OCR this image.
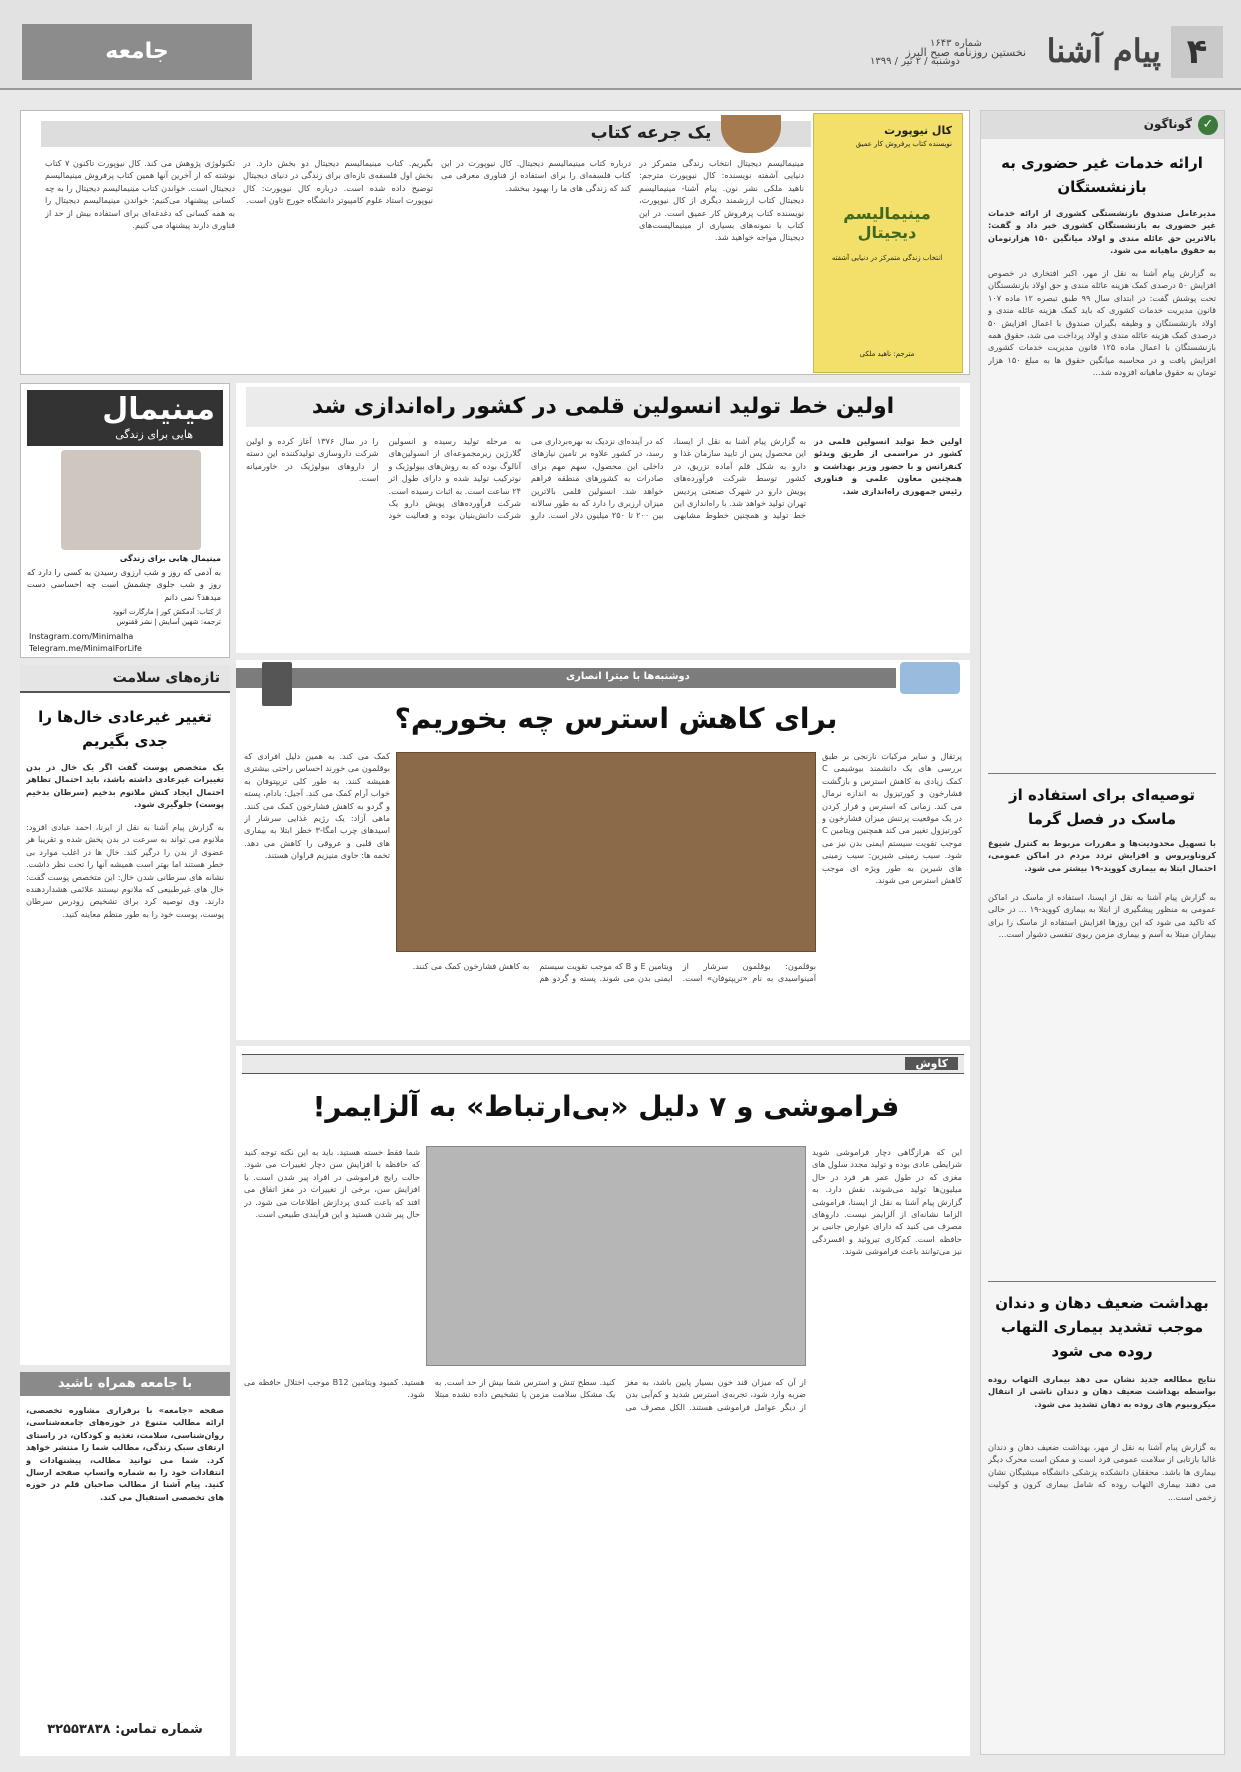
۴
پیام آشنا
نخستین روزنامه صبح البرز
شماره ۱۶۴۳
دوشنبه / ۲ تیر / ۱۳۹۹
جامعه
✓
گوناگون
ارائه خدمات غیر حضوری به بازنشستگان
مدیرعامل صندوق بازنشستگی کشوری از ارائه خدمات غیر حضوری به بازنشستگان کشوری خبر داد و گفت: بالاترین حق عائله مندی و اولاد میانگین ۱۵۰ هزارتومان به حقوق ماهیانه می شود.
به گزارش پیام آشنا به نقل از مهر، اکبر افتخاری در خصوص افزایش ۵۰ درصدی کمک هزینه عائله مندی و حق اولاد بازنشستگان تحت پوشش گفت: در ابتدای سال ۹۹ طبق تبصره ۱۲ ماده ۱۰۷ قانون مدیریت خدمات کشوری که باید کمک هزینه عائله مندی و اولاد بازنشستگان و وظیفه بگیران صندوق با اعمال افزایش ۵۰ درصدی کمک هزینه عائله مندی و اولاد پرداخت می شد، حقوق همه بازنشستگان با اعمال ماده ۱۲۵ قانون مدیریت خدمات کشوری افزایش یافت و در محاسبه میانگین حقوق ها به مبلغ ۱۵۰ هزار تومان به حقوق ماهیانه افزوده شد...
توصیه‌ای برای استفاده از ماسک در فصل گرما
با تسهیل محدودیت‌ها و مقررات مربوط به کنترل شیوع کروناویروس و افزایش تردد مردم در اماکن عمومی، احتمال ابتلا به بیماری کووید-۱۹ بیشتر می شود.
به گزارش پیام آشنا به نقل از ایسنا، استفاده از ماسک در اماکن عمومی به منظور پیشگیری از ابتلا به بیماری کووید-۱۹ ... در حالی که تاکید می شود که این روزها افزایش استفاده از ماسک را برای بیماران مبتلا به آسم و بیماری مزمن ریوی تنفسی دشوار است...
بهداشت ضعیف دهان و دندان موجب تشدید بیماری التهاب روده می شود
نتایج مطالعه جدید نشان می دهد بیماری التهاب روده بواسطه بهداشت ضعیف دهان و دندان ناشی از انتقال میکروبیوم های روده به دهان تشدید می شود.
به گزارش پیام آشنا به نقل از مهر، بهداشت ضعیف دهان و دندان غالبا بازتابی از سلامت عمومی فرد است و ممکن است محرک دیگر بیماری ها باشد. محققان دانشکده پزشکی دانشگاه میشیگان نشان می دهند بیماری التهاب روده که شامل بیماری کرون و کولیت زخمی است...
یک جرعه کتاب	کال نیوپورت
نویسنده کتاب پرفروش کار عمیق
مینیمالیسم دیجیتال
انتخاب زندگی متمرکز در دنیایی آشفته
مترجم: ناهید ملکی
مینیمالیسم دیجیتال انتخاب زندگی متمرکز در دنیایی آشفته نویسنده: کال نیوپورت مترجم: ناهید ملکی نشر نون. پیام آشنا- مینیمالیسم دیجیتال کتاب ارزشمند دیگری از کال نیوپورت، نویسنده کتاب پرفروش کار عمیق است. در این کتاب با نمونه‌های بسیاری از مینیمالیست‌های دیجیتال مواجه خواهید شد.
درباره کتاب مینیمالیسم دیجیتال. کال نیوپورت در این کتاب فلسفه‌ای را برای استفاده از فناوری معرفی می کند که زندگی های ما را بهبود ببخشد.
بگیریم. کتاب مینیمالیسم دیجیتال دو بخش دارد. در بخش اول فلسفه‌ی تازه‌ای برای زندگی در دنیای دیجیتال توضیح داده شده است. درباره کال نیوپورت: کال نیوپورت استاد علوم کامپیوتر دانشگاه جورج تاون است.
تکنولوژی پژوهش می کند. کال نیوپورت تاکنون ۷ کتاب نوشته که از آخرین آنها همین کتاب پرفروش مینیمالیسم دیجیتال است. خواندن کتاب مینیمالیسم دیجیتال را به چه کسانی پیشنهاد می‌کنیم: خواندن مینیمالیسم دیجیتال را به همه کسانی که دغدغه‌ای برای استفاده بیش از حد از فناوری دارند پیشنهاد می کنیم.
اولین خط تولید انسولین قلمی در کشور راه‌اندازی شد
اولین خط تولید انسولین قلمی در کشور در مراسمی از طریق ویدئو کنفرانس و با حضور وزیر بهداشت و همچنین معاون علمی و فناوری رئیس جمهوری راه‌اندازی شد.
به گزارش پیام آشنا به نقل از ایسنا، این محصول پس از تایید سازمان غذا و دارو به شکل قلم آماده تزریق، در کشور توسط شرکت فرآورده‌های پویش دارو در شهرک صنعتی پردیس تهران تولید خواهد شد. با راه‌اندازی این خط تولید و همچنین خطوط مشابهی که در آینده‌ای نزدیک به بهره‌برداری می رسد، در کشور علاوه بر تامین نیازهای داخلی این محصول، سهم مهم برای صادرات به کشورهای منطقه فراهم خواهد شد. انسولین قلمی بالاترین میزان ارزبری را دارد که به طور سالانه بین ۲۰۰ تا ۲۵۰ میلیون دلار است. دارو به مرحله تولید رسیده و انسولین گلارژین زیرمجموعه‌ای از انسولین‌های آنالوگ بوده که به روش‌های بیولوژیک و نوترکیب تولید شده و دارای طول اثر ۲۴ ساعت است. به اثبات رسیده است. شرکت فرآورده‌های پویش دارو یک شرکت دانش‌بنیان بوده و فعالیت خود را در سال ۱۳۷۶ آغاز کرده و اولین شرکت داروسازی تولیدکننده این دسته از داروهای بیولوژیک در خاورمیانه است.
مینیمال
هایی برای زندگی
مینیمال هایی برای زندگی
به آدمی که روز و شب ارزوی رسیدن به کسی را دارد که روز و شب جلوی چشمش است چه احساسی دست میدهد؟ نمی دانم
از کتاب: آدمکش کور | مارگارت اتوود
ترجمه: شهین آسایش | نشر ققنوس
Instagram.com/Minimalha
Telegram.me/MinimalForLife
دوشنبه‌ها با میترا انصاری
برای کاهش استرس چه بخوریم؟
پرتقال و سایر مرکبات نارنجی بر طبق بررسی های یک دانشمند بیوشیمی C کمک زیادی به کاهش استرس و بازگشت فشارخون و کورتیزول به اندازه نرمال می کند. زمانی که استرس و فرار کردن در یک موقعیت پرتنش میزان فشارخون و کورتیزول تغییر می کند همچنین ویتامین C موجب تقویت سیستم ایمنی بدن نیز می شود. سیب زمینی شیرین: سیب زمینی های شیرین به طور ویژه ای موجب کاهش استرس می شوند.
بوقلمون: بوقلمون سرشار از آمینواسیدی به نام «تریپتوفان» است. ویتامین E و B که موجب تقویت سیستم ایمنی بدن می شوند. پسته و گردو هم به کاهش فشارخون کمک می کنند.
کمک می کند. به همین دلیل افرادی که بوقلمون می خورند احساس راحتی بیشتری همیشه کنند. به طور کلی تریپتوفان به خواب آرام کمک می کند. آجیل: بادام، پسته و گردو به کاهش فشارخون کمک می کنند. ماهی آزاد: یک رژیم غذایی سرشار از اسیدهای چرب امگا-۳ خطر ابتلا به بیماری های قلبی و عروقی را کاهش می دهد. تخمه ها: حاوی منیزیم فراوان هستند.
تازه‌های سلامت
تغییر غیرعادی خال‌ها را جدی بگیریم
یک متخصص پوست گفت اگر یک خال در بدن تغییرات غیرعادی داشته باشد، باید احتمال تظاهر احتمال ایجاد کنش ملانوم بدخیم (سرطان بدخیم پوست) جلوگیری شود.
به گزارش پیام آشنا به نقل از ایرنا، احمد عبادی افزود: ملانوم می تواند به سرعت در بدن پخش شده و تقریبا هر عضوی از بدن را درگیر کند. خال ها در اغلب موارد بی خطر هستند اما بهتر است همیشه آنها را تحت نظر داشت. نشانه های سرطانی شدن خال: این متخصص پوست گفت: خال های غیرطبیعی که ملانوم نیستند علائمی هشداردهنده دارند. وی توصیه کرد برای تشخیص زودرس سرطان پوست، پوست خود را به طور منظم معاینه کنید.
کاوش
فراموشی و ۷ دلیل «بی‌ارتباط» به آلزایمر!
این که هرازگاهی دچار فراموشی شوید شرایطی عادی بوده و تولید مجدد سلول های مغزی که در طول عمر هر فرد در حال میلیون‌ها تولید می‌شوند، نقش دارد. به گزارش پیام آشنا به نقل از ایسنا، فراموشی الزاما نشانه‌ای از آلزایمر نیست. داروهای مصرف می کنید که دارای عوارض جانبی بر حافظه است. کم‌کاری تیروئید و افسردگی نیز می‌توانند باعث فراموشی شوند.
شما فقط خسته هستید. باید به این نکته توجه کنید که حافظه با افزایش سن دچار تغییرات می شود. حالت رایج فراموشی در افراد پیر شدن است. با افزایش سن، برخی از تغییرات در مغز اتفاق می افتد که باعث کندی پردازش اطلاعات می شود. در حال پیر شدن هستید و این فرآیندی طبیعی است.
از آن که میزان قند خون بسیار پایین باشد، به مغز ضربه وارد شود، تجربه‌ی استرس شدید و کم‌آبی بدن از دیگر عوامل فراموشی هستند. الکل مصرف می کنید. سطح تنش و استرس شما بیش از حد است. به یک مشکل سلامت مزمن یا تشخیص داده نشده مبتلا هستید. کمبود ویتامین B12 موجب اختلال حافظه می شود.
با جامعه همراه باشید
صفحه «جامعه» با برقراری مشاوره تخصصی، ارائه مطالب متنوع در حوزه‌های جامعه‌شناسی، روان‌شناسی، سلامت، تغذیه و کودکان، در راستای ارتقای سبک زندگی، مطالب شما را منتشر خواهد کرد. شما می توانید مطالب، پیشنهادات و انتقادات خود را به شماره واتساپ صفحه ارسال کنید. پیام آشنا از مطالب صاحبان قلم در حوزه های تخصصی استقبال می کند.
شماره تماس: ۳۲۵۵۳۸۳۸
